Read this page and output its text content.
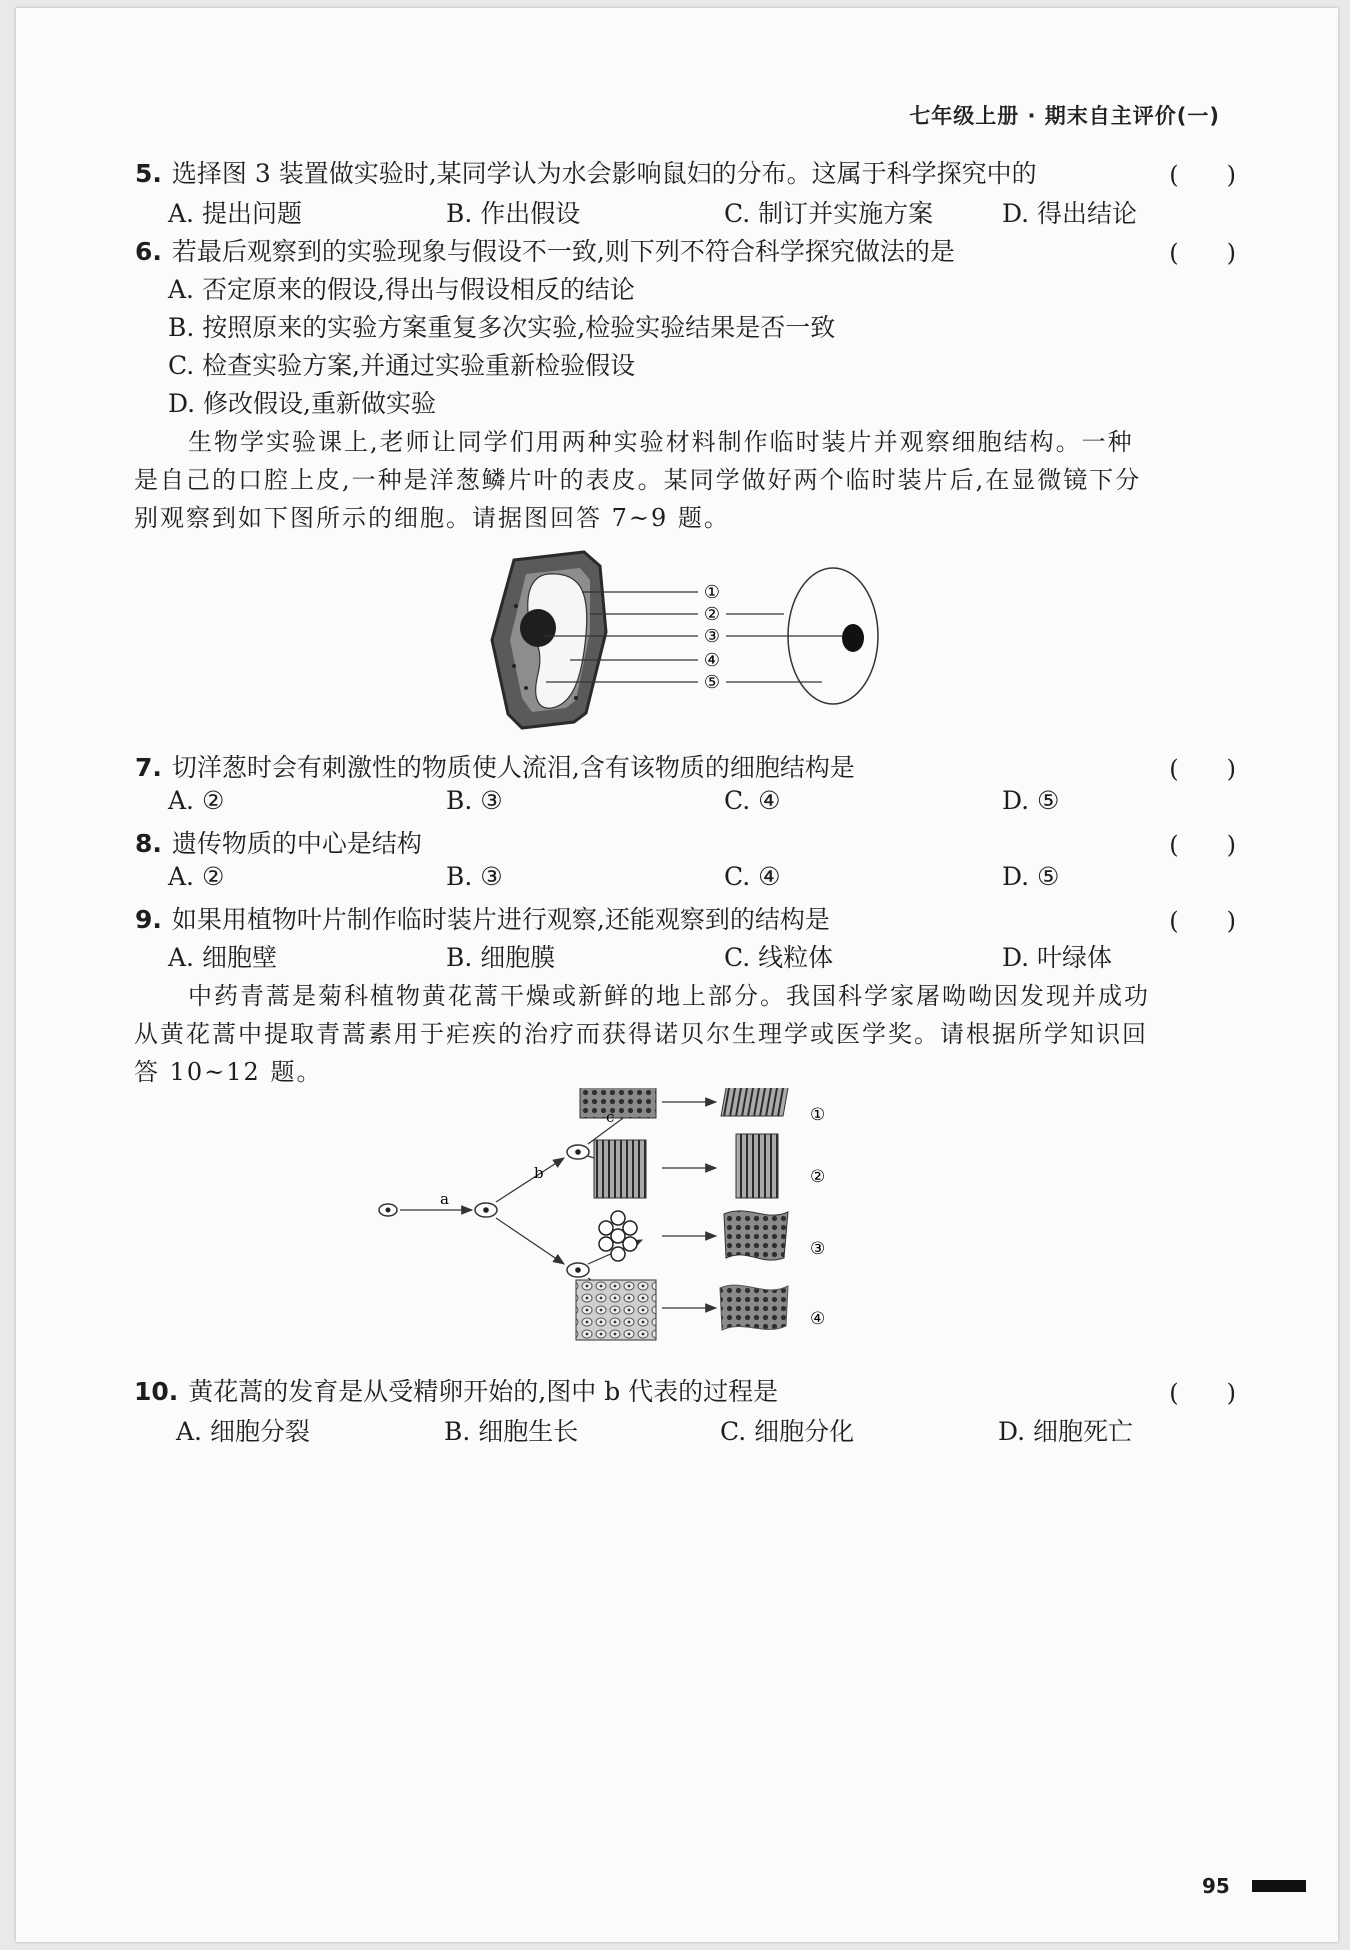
七年级上册 · 期末自主评价(一)
5. 选择图 3 装置做实验时,某同学认为水会影响鼠妇的分布。这属于科学探究中的	(　　)
A. 提出问题	B. 作出假设	C. 制订并实施方案	D. 得出结论
6. 若最后观察到的实验现象与假设不一致,则下列不符合科学探究做法的是	(　　)
A. 否定原来的假设,得出与假设相反的结论
B. 按照原来的实验方案重复多次实验,检验实验结果是否一致
C. 检查实验方案,并通过实验重新检验假设
D. 修改假设,重新做实验
生物学实验课上,老师让同学们用两种实验材料制作临时装片并观察细胞结构。一种
是自己的口腔上皮,一种是洋葱鳞片叶的表皮。某同学做好两个临时装片后,在显微镜下分
别观察到如下图所示的细胞。请据图回答 7~9 题。
①
②
③
④
⑤
7. 切洋葱时会有刺激性的物质使人流泪,含有该物质的细胞结构是	(　　)
A. ②	B. ③	C. ④	D. ⑤
8. 遗传物质的中心是结构	(　　)
A. ②	B. ③	C. ④	D. ⑤
9. 如果用植物叶片制作临时装片进行观察,还能观察到的结构是	(　　)
A. 细胞壁	B. 细胞膜	C. 线粒体	D. 叶绿体
中药青蒿是菊科植物黄花蒿干燥或新鲜的地上部分。我国科学家屠呦呦因发现并成功
从黄花蒿中提取青蒿素用于疟疾的治疗而获得诺贝尔生理学或医学奖。请根据所学知识回
答 10~12 题。
①
②
③
④
a
b
c
10. 黄花蒿的发育是从受精卵开始的,图中 b 代表的过程是	(　　)
A. 细胞分裂	B. 细胞生长	C. 细胞分化	D. 细胞死亡
95
